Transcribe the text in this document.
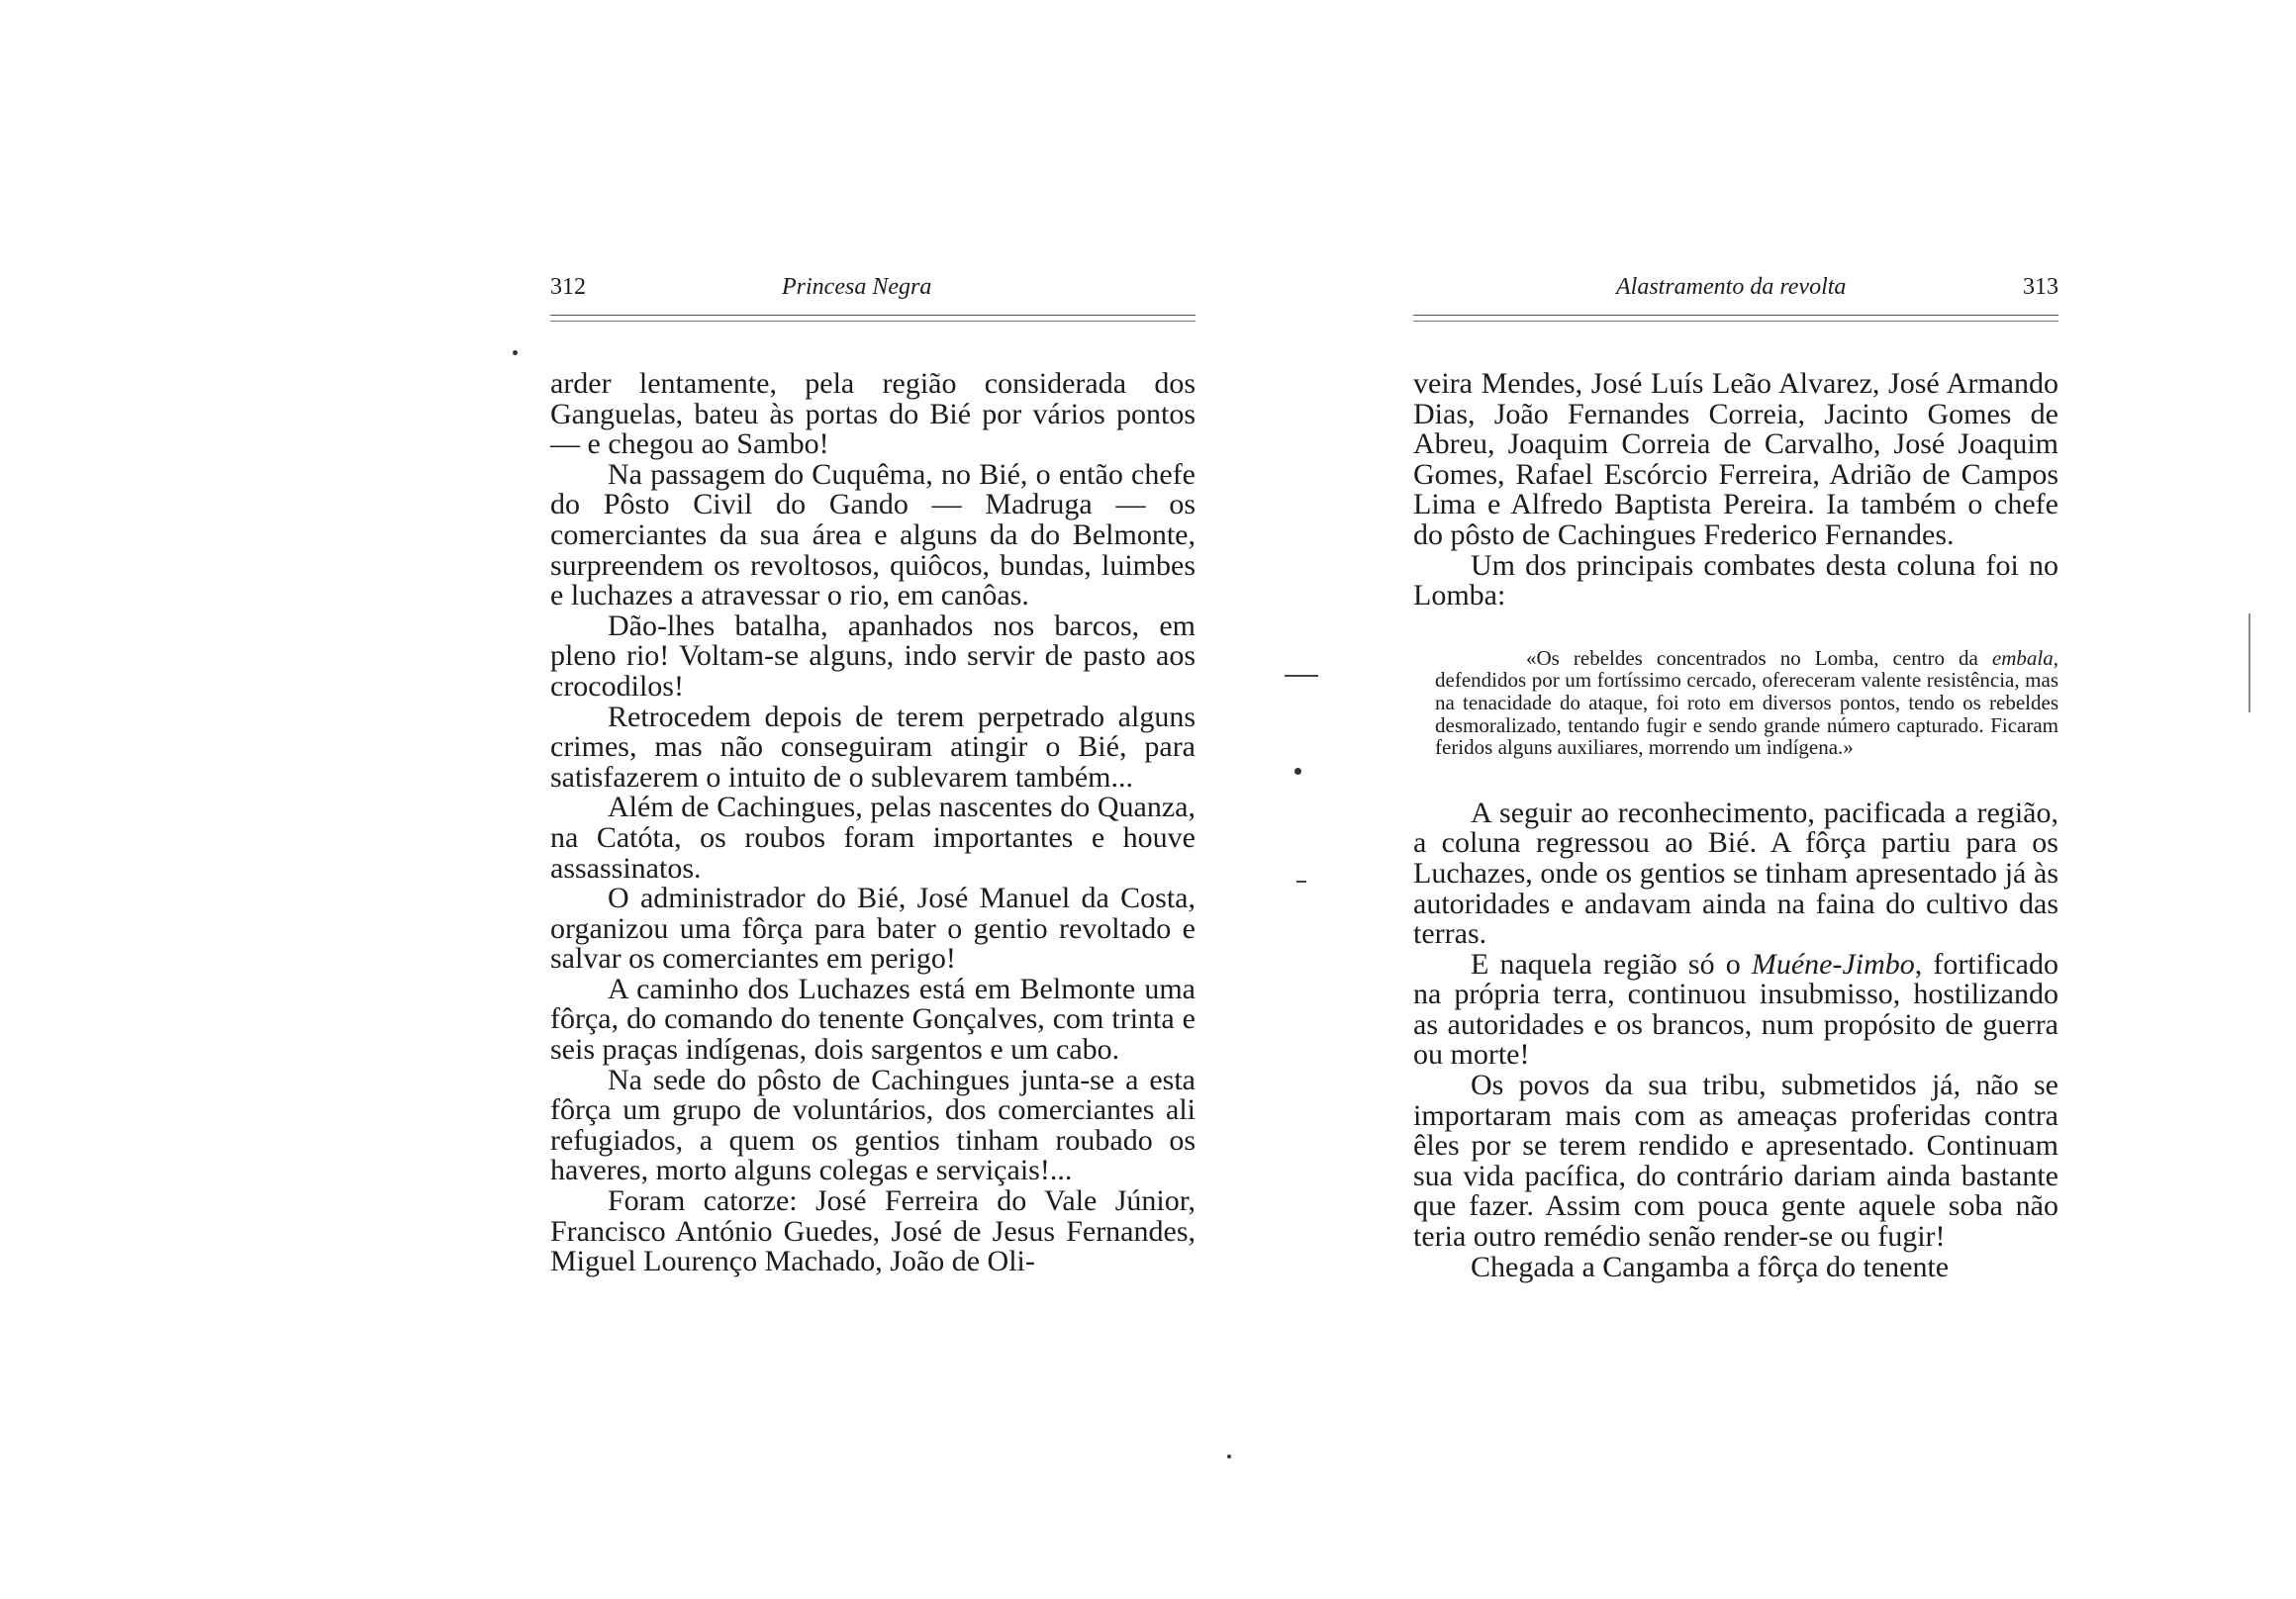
312	Princesa Negra

arder lentamente, pela região considerada dos Ganguelas, bateu às portas do Bié por vários pontos — e chegou ao Sambo!

Na passagem do Cuquêma, no Bié, o então chefe do Pôsto Civil do Gando — Madruga — os comerciantes da sua área e alguns da do Belmonte, surpreendem os revoltosos, quiôcos, bundas, luimbes e luchazes a atravessar o rio, em canôas.

Dão-lhes batalha, apanhados nos barcos, em pleno rio! Voltam-se alguns, indo servir de pasto aos crocodilos!

Retrocedem depois de terem perpetrado alguns crimes, mas não conseguiram atingir o Bié, para satisfazerem o intuito de o sublevarem também...

Além de Cachingues, pelas nascentes do Quanza, na Catóta, os roubos foram importantes e houve assassinatos.

O administrador do Bié, José Manuel da Costa, organizou uma fôrça para bater o gentio revoltado e salvar os comerciantes em perigo!

A caminho dos Luchazes está em Belmonte uma fôrça, do comando do tenente Gonçalves, com trinta e seis praças indígenas, dois sargentos e um cabo.

Na sede do pôsto de Cachingues junta-se a esta fôrça um grupo de voluntários, dos comerciantes ali refugiados, a quem os gentios tinham roubado os haveres, morto alguns colegas e serviçais!...

Foram catorze: José Ferreira do Vale Júnior, Francisco António Guedes, José de Jesus Fernandes, Miguel Lourenço Machado, João de Oli-

Alastramento da revolta	313

veira Mendes, José Luís Leão Alvarez, José Armando Dias, João Fernandes Correia, Jacinto Gomes de Abreu, Joaquim Correia de Carvalho, José Joaquim Gomes, Rafael Escórcio Ferreira, Adrião de Campos Lima e Alfredo Baptista Pereira. Ia também o chefe do pôsto de Cachingues Frederico Fernandes.

Um dos principais combates desta coluna foi no Lomba:

«Os rebeldes concentrados no Lomba, centro da embala, defendidos por um fortíssimo cercado, ofereceram valente resistência, mas na tenacidade do ataque, foi roto em diversos pontos, tendo os rebeldes desmoralizado, tentando fugir e sendo grande número capturado. Ficaram feridos alguns auxiliares, morrendo um indígena.»

A seguir ao reconhecimento, pacificada a região, a coluna regressou ao Bié. A fôrça partiu para os Luchazes, onde os gentios se tinham apresentado já às autoridades e andavam ainda na faina do cultivo das terras.

E naquela região só o Muéne-Jimbo, fortificado na própria terra, continuou insubmisso, hostilizando as autoridades e os brancos, num propósito de guerra ou morte!

Os povos da sua tribu, submetidos já, não se importaram mais com as ameaças proferidas contra êles por se terem rendido e apresentado. Continuam sua vida pacífica, do contrário dariam ainda bastante que fazer. Assim com pouca gente aquele soba não teria outro remédio senão render-se ou fugir!

Chegada a Cangamba a fôrça do tenente
